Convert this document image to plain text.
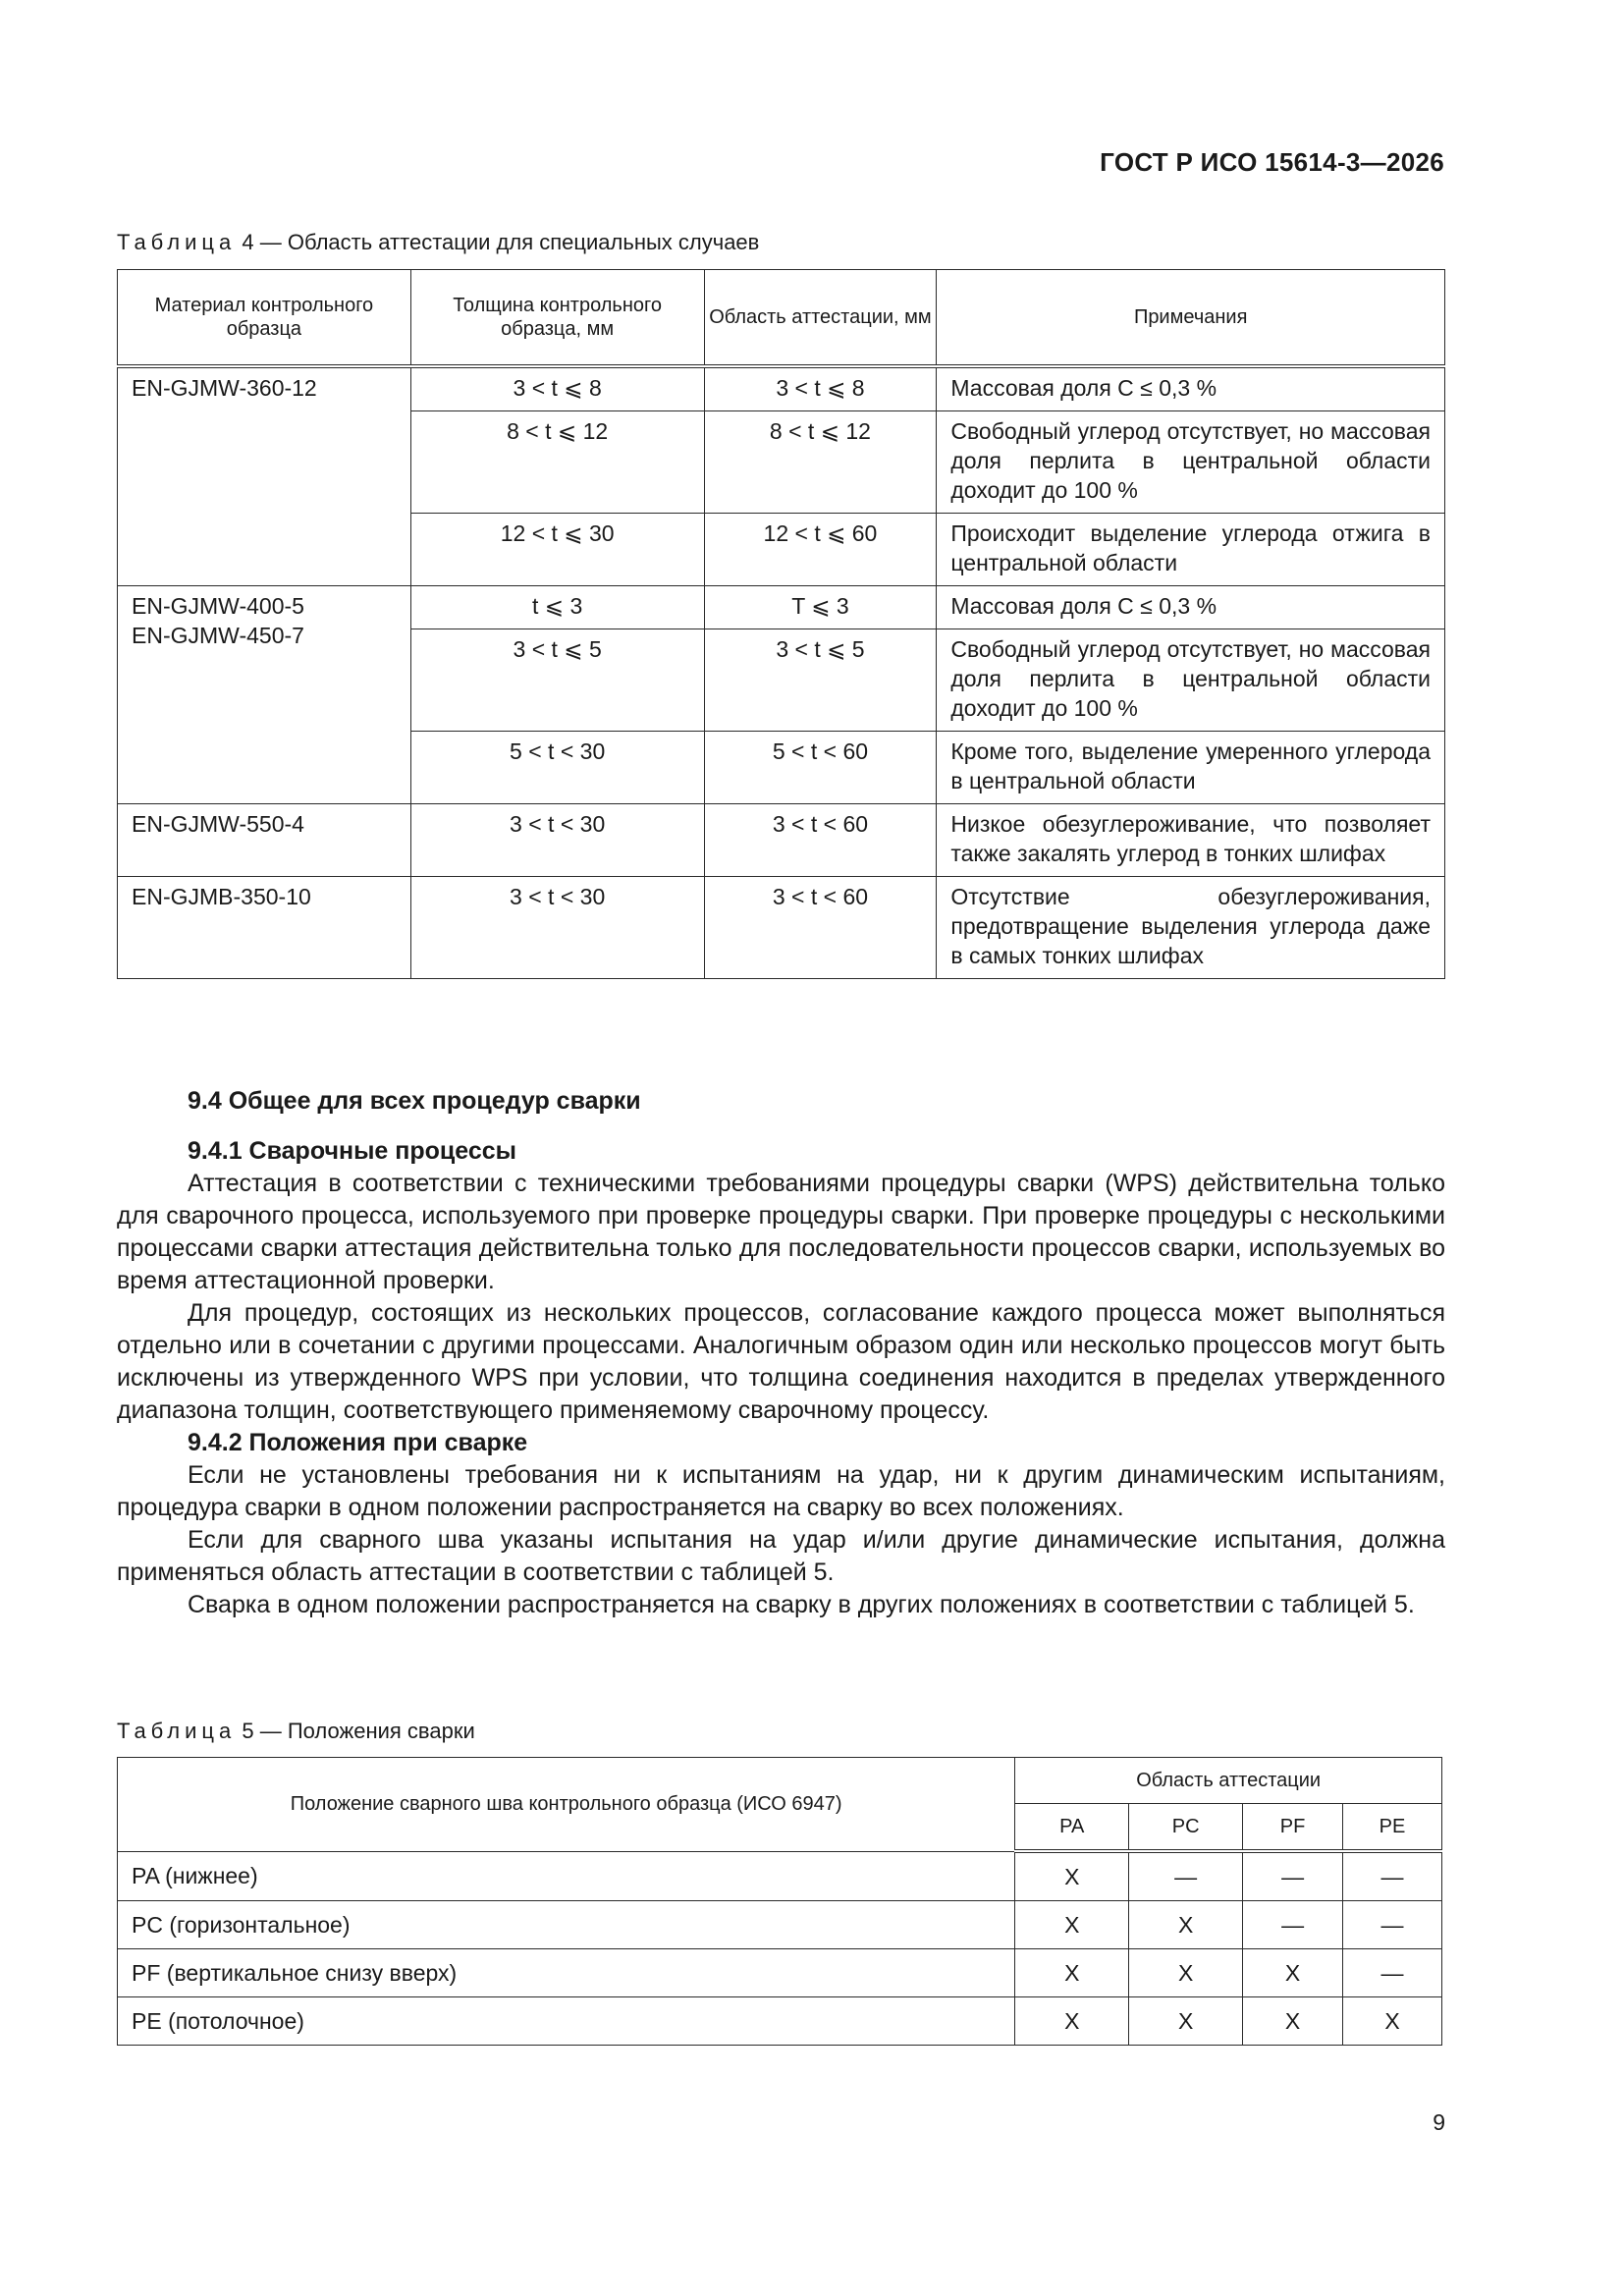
ГОСТ Р ИСО 15614-3—2026
Таблица 4 — Область аттестации для специальных случаев
Материал контрольного образца	Толщина контрольного образца, мм	Область аттестации, мм	Примечания

EN-GJMW-360-12	3 < t ⩽ 8	3 < t ⩽ 8	Массовая доля C ≤ 0,3 %
	8 < t ⩽ 12	8 < t ⩽ 12	Свободный углерод отсутствует, но массовая доля перлита в центральной области доходит до 100 %
	12 < t ⩽ 30	12 < t ⩽ 60	Происходит выделение углерода отжига в центральной области

EN-GJMW-400-5
EN-GJMW-450-7	t ⩽ 3	T ⩽ 3	Массовая доля C ≤ 0,3 %
	3 < t ⩽ 5	3 < t ⩽ 5	Свободный углерод отсутствует, но массовая доля перлита в центральной области доходит до 100 %
	5 < t < 30	5 < t < 60	Кроме того, выделение умеренного углерода в центральной области

EN-GJMW-550-4	3 < t < 30	3 < t < 60	Низкое обезуглероживание, что позволяет также закалять углерод в тонких шлифах

EN-GJMB-350-10	3 < t < 30	3 < t < 60	Отсутствие обезуглероживания, предотвращение выделения углерода даже в самых тонких шлифах
9.4 Общее для всех процедур сварки
9.4.1 Сварочные процессы

Аттестация в соответствии с техническими требованиями процедуры сварки (WPS) действительна только для сварочного процесса, используемого при проверке процедуры сварки. При проверке процедуры с несколькими процессами сварки аттестация действительна только для последовательности процессов сварки, используемых во время аттестационной проверки.

Для процедур, состоящих из нескольких процессов, согласование каждого процесса может выполняться отдельно или в сочетании с другими процессами. Аналогичным образом один или несколько процессов могут быть исключены из утвержденного WPS при условии, что толщина соединения находится в пределах утвержденного диапазона толщин, соответствующего применяемому сварочному процессу.

9.4.2 Положения при сварке

Если не установлены требования ни к испытаниям на удар, ни к другим динамическим испытаниям, процедура сварки в одном положении распространяется на сварку во всех положениях.

Если для сварного шва указаны испытания на удар и/или другие динамические испытания, должна применяться область аттестации в соответствии с таблицей 5.

Сварка в одном положении распространяется на сварку в других положениях в соответствии с таблицей 5.

Таблица 5 — Положения сварки
Положение сварного шва контрольного образца (ИСО 6947)	Область аттестации			
	PA	PC	PF	PE
PA (нижнее)	X	—	—	—
PC (горизонтальное)	X	X	—	—
PF (вертикальное снизу вверх)	X	X	X	—
PE (потолочное)	X	X	X	X
9
